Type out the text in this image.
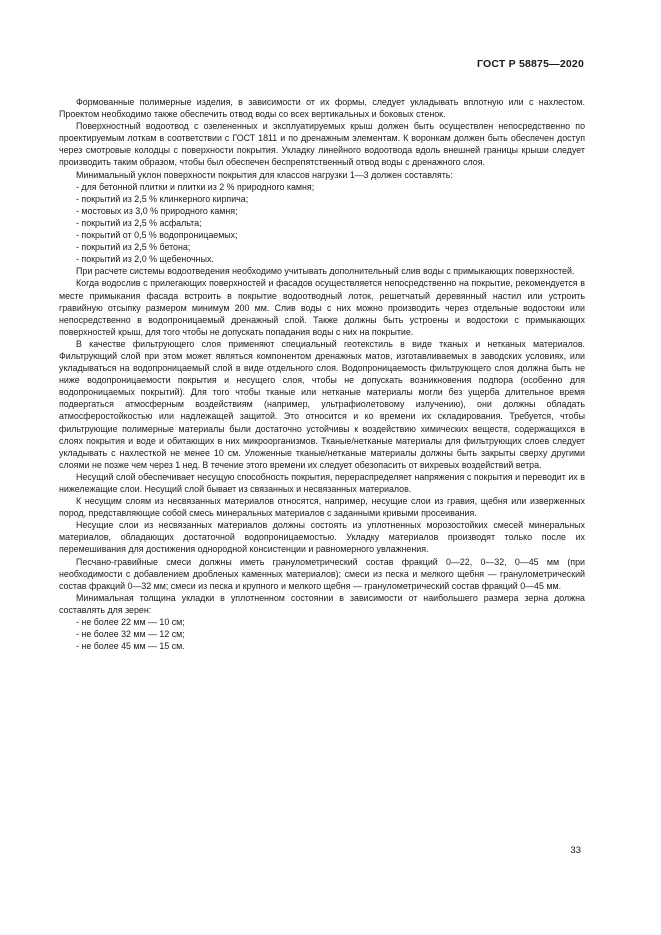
ГОСТ Р 58875—2020

Формованные полимерные изделия, в зависимости от их формы, следует укладывать вплотную или с нахлестом. Проектом необходимо также обеспечить отвод воды со всех вертикальных и боковых стенок.

Поверхностный водоотвод с озелененных и эксплуатируемых крыш должен быть осуществлен непосредственно по проектируемым лоткам в соответствии с ГОСТ 1811 и по дренажным элементам. К воронкам должен быть обеспечен доступ через смотровые колодцы с поверхности покрытия. Укладку линейного водоотвода вдоль внешней границы крыши следует производить таким образом, чтобы был обеспечен беспрепятственный отвод воды с дренажного слоя.

Минимальный уклон поверхности покрытия для классов нагрузки 1—3 должен составлять:

- для бетонной плитки и плитки из 2 % природного камня;
- покрытий из 2,5 % клинкерного кирпича;
- мостовых из 3,0 % природного камня;
- покрытий из 2,5 % асфальта;
- покрытий от 0,5 % водопроницаемых;
- покрытий из 2,5 % бетона;
- покрытий из 2,0 % щебеночных.

При расчете системы водоотведения необходимо учитывать дополнительный слив воды с примыкающих поверхностей.

Когда водослив с прилегающих поверхностей и фасадов осуществляется непосредственно на покрытие, рекомендуется в месте примыкания фасада встроить в покрытие водоотводный лоток, решетчатый деревянный настил или устроить гравийную отсыпку размером минимум 200 мм. Слив воды с них можно производить через отдельные водостоки или непосредственно в водопроницаемый дренажный слой. Также должны быть устроены и водостоки с примыкающих поверхностей крыш, для того чтобы не допускать попадания воды с них на покрытие.

В качестве фильтрующего слоя применяют специальный геотекстиль в виде тканых и нетканых материалов. Фильтрующий слой при этом может являться компонентом дренажных матов, изготавливаемых в заводских условиях, или укладываться на водопроницаемый слой в виде отдельного слоя. Водопроницаемость фильтрующего слоя должна быть не ниже водопроницаемости покрытия и несущего слоя, чтобы не допускать возникновения подпора (особенно для водопроницаемых покрытий). Для того чтобы тканые или нетканые материалы могли без ущерба длительное время подвергаться атмосферным воздействиям (например, ультрафиолетовому излучению), они должны обладать атмосферостойкостью или надлежащей защитой. Это относится и ко времени их складирования. Требуется, чтобы фильтрующие полимерные материалы были достаточно устойчивы к воздействию химических веществ, содержащихся в слоях покрытия и воде и обитающих в них микроорганизмов. Тканые/нетканые материалы для фильтрующих слоев следует укладывать с нахлесткой не менее 10 см. Уложенные тканые/нетканые материалы должны быть закрыты сверху другими слоями не позже чем через 1 нед. В течение этого времени их следует обезопасить от вихревых воздействий ветра.

Несущий слой обеспечивает несущую способность покрытия, перераспределяет напряжения с покрытия и переводит их в нижележащие слои. Несущий слой бывает из связанных и несвязанных материалов.

К несущим слоям из несвязанных материалов относятся, например, несущие слои из гравия, щебня или изверженных пород, представляющие собой смесь минеральных материалов с заданными кривыми просеивания.

Несущие слои из несвязанных материалов должны состоять из уплотненных морозостойких смесей минеральных материалов, обладающих достаточной водопроницаемостью. Укладку материалов производят только после их перемешивания для достижения однородной консистенции и равномерного увлажнения.

Песчано-гравийные смеси должны иметь гранулометрический состав фракций 0—22, 0—32, 0—45 мм (при необходимости с добавлением дробленых каменных материалов); смеси из песка и мелкого щебня — гранулометрический состав фракций 0—32 мм; смеси из песка и крупного и мелкого щебня — гранулометрический состав фракций 0—45 мм.

Минимальная толщина укладки в уплотненном состоянии в зависимости от наибольшего размера зерна должна составлять для зерен:

- не более 22 мм — 10 см;
- не более 32 мм — 12 см;
- не более 45 мм — 15 см.
33
